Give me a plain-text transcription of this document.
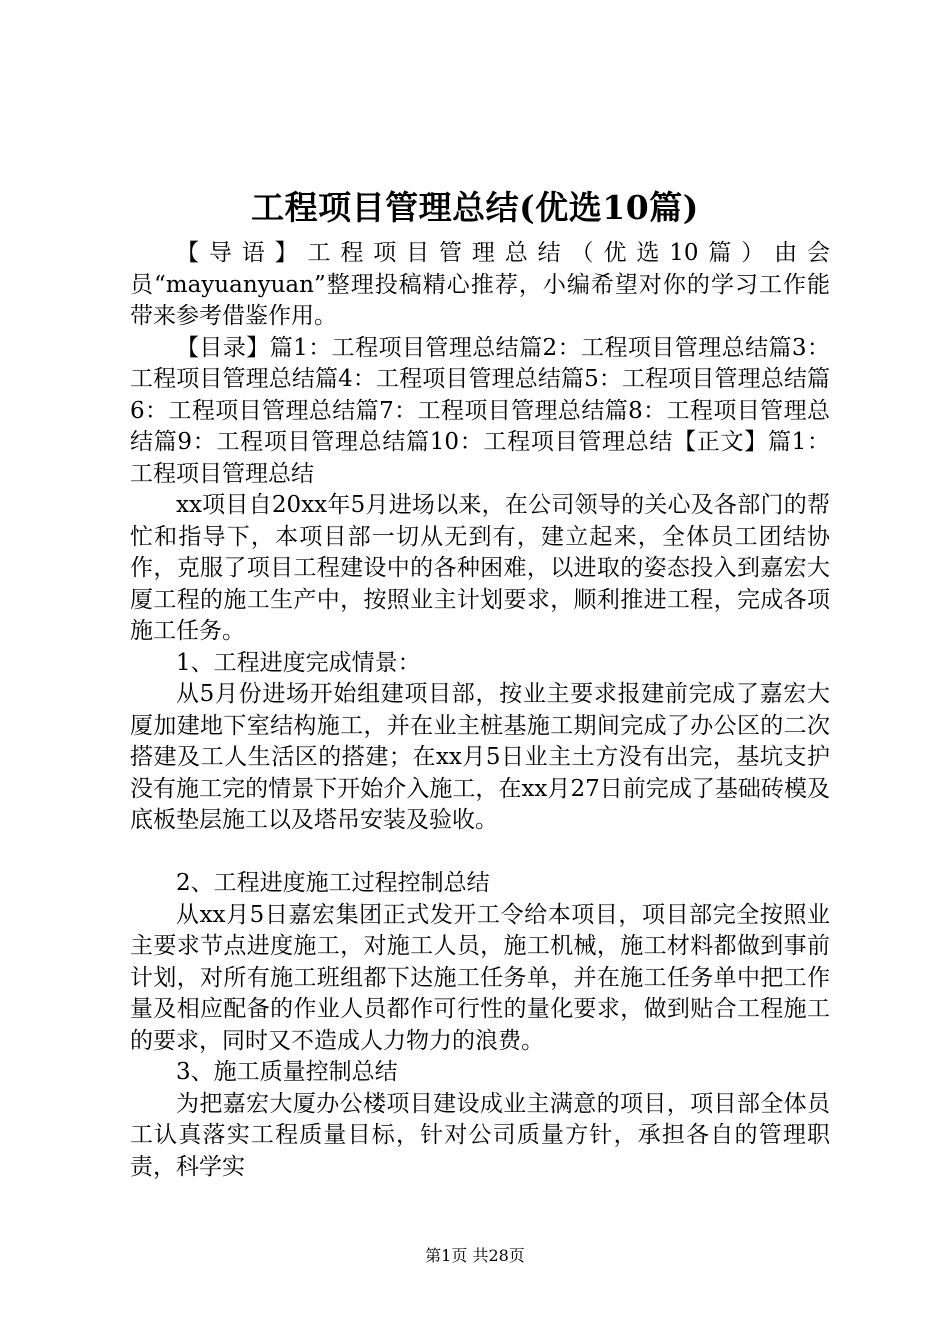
工程项目管理总结(优选10篇)

【导语】工程项目管理总结（优选10篇）由会员“mayuanyuan”整理投稿精心推荐，小编希望对你的学习工作能带来参考借鉴作用。

【目录】篇1：工程项目管理总结篇2：工程项目管理总结篇3：工程项目管理总结篇4：工程项目管理总结篇5：工程项目管理总结篇6：工程项目管理总结篇7：工程项目管理总结篇8：工程项目管理总结篇9：工程项目管理总结篇10：工程项目管理总结【正文】篇1：工程项目管理总结

xx项目自20xx年5月进场以来，在公司领导的关心及各部门的帮忙和指导下，本项目部一切从无到有，建立起来，全体员工团结协作，克服了项目工程建设中的各种困难，以进取的姿态投入到嘉宏大厦工程的施工生产中，按照业主计划要求，顺利推进工程，完成各项施工任务。

1、工程进度完成情景：

从5月份进场开始组建项目部，按业主要求报建前完成了嘉宏大厦加建地下室结构施工，并在业主桩基施工期间完成了办公区的二次搭建及工人生活区的搭建；在xx月5日业主土方没有出完，基坑支护没有施工完的情景下开始介入施工，在xx月27日前完成了基础砖模及底板垫层施工以及塔吊安装及验收。

2、工程进度施工过程控制总结

从xx月5日嘉宏集团正式发开工令给本项目，项目部完全按照业主要求节点进度施工，对施工人员，施工机械，施工材料都做到事前计划，对所有施工班组都下达施工任务单，并在施工任务单中把工作量及相应配备的作业人员都作可行性的量化要求，做到贴合工程施工的要求，同时又不造成人力物力的浪费。

3、施工质量控制总结

为把嘉宏大厦办公楼项目建设成业主满意的项目，项目部全体员工认真落实工程质量目标，针对公司质量方针，承担各自的管理职责，科学实

第1页 共28页
